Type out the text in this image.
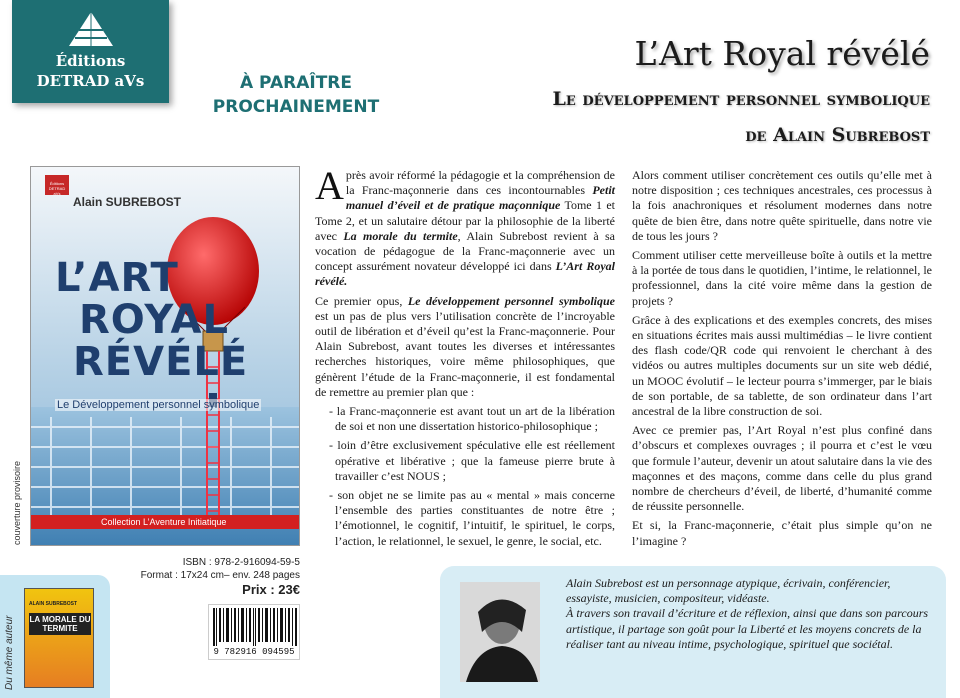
Éditions
DETRAD aVs	À PARAÎTRE
PROCHAINEMENT
L’Art Royal révélé
Le développement personnel symbolique
de Alain Subrebost
Éditions DETRAD aVs
Alain SUBREBOST
L’ART
ROYAL
RÉVÉLÉ
Le Développement personnel symbolique
Collection L’Aventure Initiatique
couverture provisoire
ISBN : 978-2-916094-59-5
Format : 17x24 cm– env. 248 pages
Prix : 23€
9 782916 094595
Du même auteur
ALAIN SUBREBOST
LA MORALE DU TERMITE

Après avoir réformé la pédagogie et la compréhension de la Franc-maçonnerie dans ces incontournables Petit manuel d’éveil et de pratique maçonnique Tome 1 et Tome 2, et un salutaire détour par la philosophie de la liberté avec La morale du termite, Alain Subrebost revient à sa vocation de pédagogue de la Franc-maçonnerie avec un concept assurément novateur développé ici dans L’Art Royal révélé.

Ce premier opus, Le développement personnel symbolique est un pas de plus vers l’utilisation concrète de l’incroyable outil de libération et d’éveil qu’est la Franc-maçonnerie. Pour Alain Subrebost, avant toutes les diverses et intéressantes recherches historiques, voire même philosophiques, que génèrent l’étude de la Franc-maçonnerie, il est fondamental de remettre au premier plan que :

- la Franc-maçonnerie est avant tout un art de la libération de soi et non une dissertation historico-philosophique ;

- loin d’être exclusivement spéculative elle est réellement opérative et libérative ; que la fameuse pierre brute à travailler c’est NOUS ;

- son objet ne se limite pas au « mental » mais concerne l’ensemble des parties constituantes de notre être ; l’émotionnel, le cognitif, l’intuitif, le spirituel, le corps, l’action, le relationnel, le sexuel, le genre, le social, etc.

Alors comment utiliser concrètement ces outils qu’elle met à notre disposition ; ces techniques ancestrales, ces processus à la fois anachroniques et résolument modernes dans notre quête de bien être, dans notre quête spirituelle, dans notre vie de tous les jours ?

Comment utiliser cette merveilleuse boîte à outils et la mettre à la portée de tous dans le quotidien, l’intime, le relationnel, le professionnel, dans la cité voire même dans la gestion de projets ?

Grâce à des explications et des exemples concrets, des mises en situations écrites mais aussi multimédias – le livre contient des flash code/QR code qui renvoient le cherchant à des vidéos ou autres multiples documents sur un site web dédié, un MOOC évolutif – le lecteur pourra s’immerger, par le biais de son portable, de sa tablette, de son ordinateur dans l’art ancestral de la libre construction de soi.

Avec ce premier pas, l’Art Royal n’est plus confiné dans d’obscurs et complexes ouvrages ; il pourra et c’est le vœu que formule l’auteur, devenir un atout salutaire dans la vie des maçonnes et des maçons, comme dans celle du plus grand nombre de chercheurs d’éveil, de liberté, d’humanité comme de réussite personnelle.

Et si, la Franc-maçonnerie, c’était plus simple qu’on ne l’imagine ?

Alain Subrebost est un personnage atypique, écrivain, conférencier, essayiste, musicien, compositeur, vidéaste.

À travers son travail d’écriture et de réflexion, ainsi que dans son parcours artistique, il partage son goût pour la Liberté et les moyens concrets de la réaliser tant au niveau intime, psychologique, spirituel que sociétal.
